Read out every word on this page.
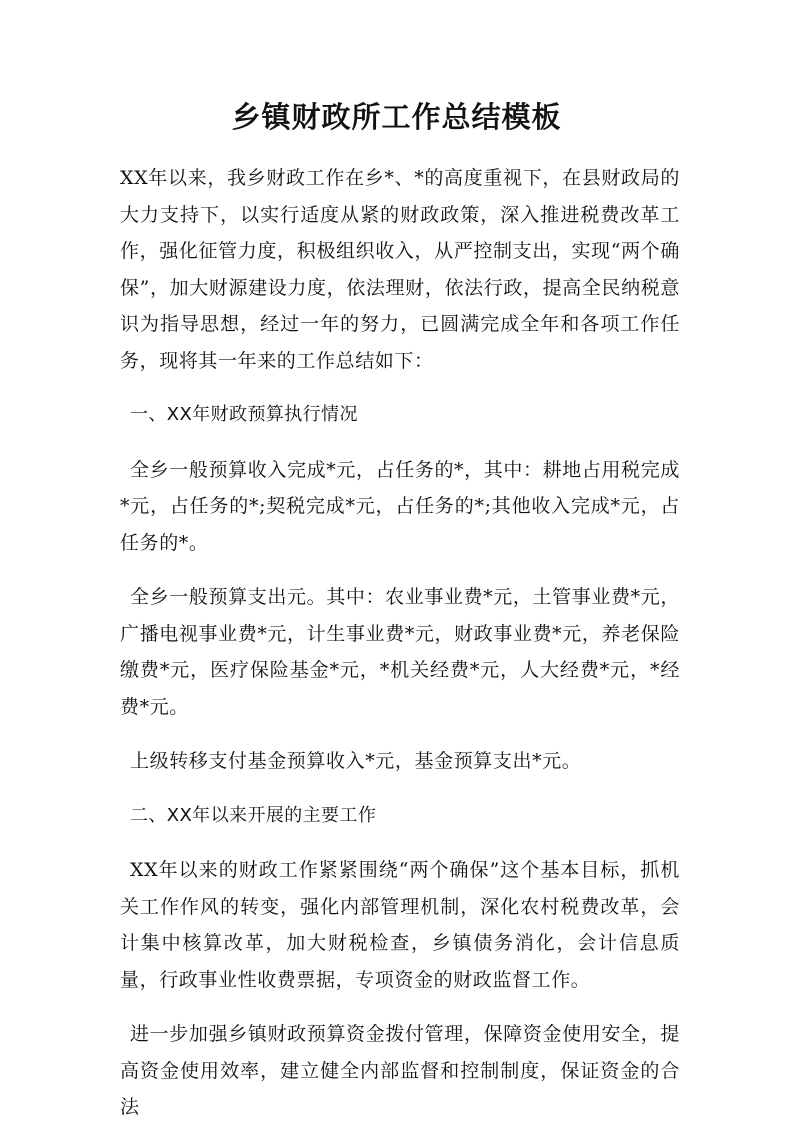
乡镇财政所工作总结模板

XX年以来，我乡财政工作在乡*、*的高度重视下，在县财政局的大力支持下，以实行适度从紧的财政政策，深入推进税费改革工作，强化征管力度，积极组织收入，从严控制支出，实现“两个确保”，加大财源建设力度，依法理财，依法行政，提高全民纳税意识为指导思想，经过一年的努力，已圆满完成全年和各项工作任务，现将其一年来的工作总结如下：

一、XX年财政预算执行情况

全乡一般预算收入完成*元，占任务的*，其中：耕地占用税完成*元，占任务的*;契税完成*元，占任务的*;其他收入完成*元，占任务的*。

全乡一般预算支出元。其中：农业事业费*元，土管事业费*元，广播电视事业费*元，计生事业费*元，财政事业费*元，养老保险缴费*元，医疗保险基金*元，*机关经费*元，人大经费*元，*经费*元。

上级转移支付基金预算收入*元，基金预算支出*元。

二、XX年以来开展的主要工作

XX年以来的财政工作紧紧围绕“两个确保”这个基本目标，抓机关工作作风的转变，强化内部管理机制，深化农村税费改革，会计集中核算改革，加大财税检查，乡镇债务消化，会计信息质量，行政事业性收费票据，专项资金的财政监督工作。

进一步加强乡镇财政预算资金拨付管理，保障资金使用安全，提高资金使用效率，建立健全内部监督和控制制度，保证资金的合法
